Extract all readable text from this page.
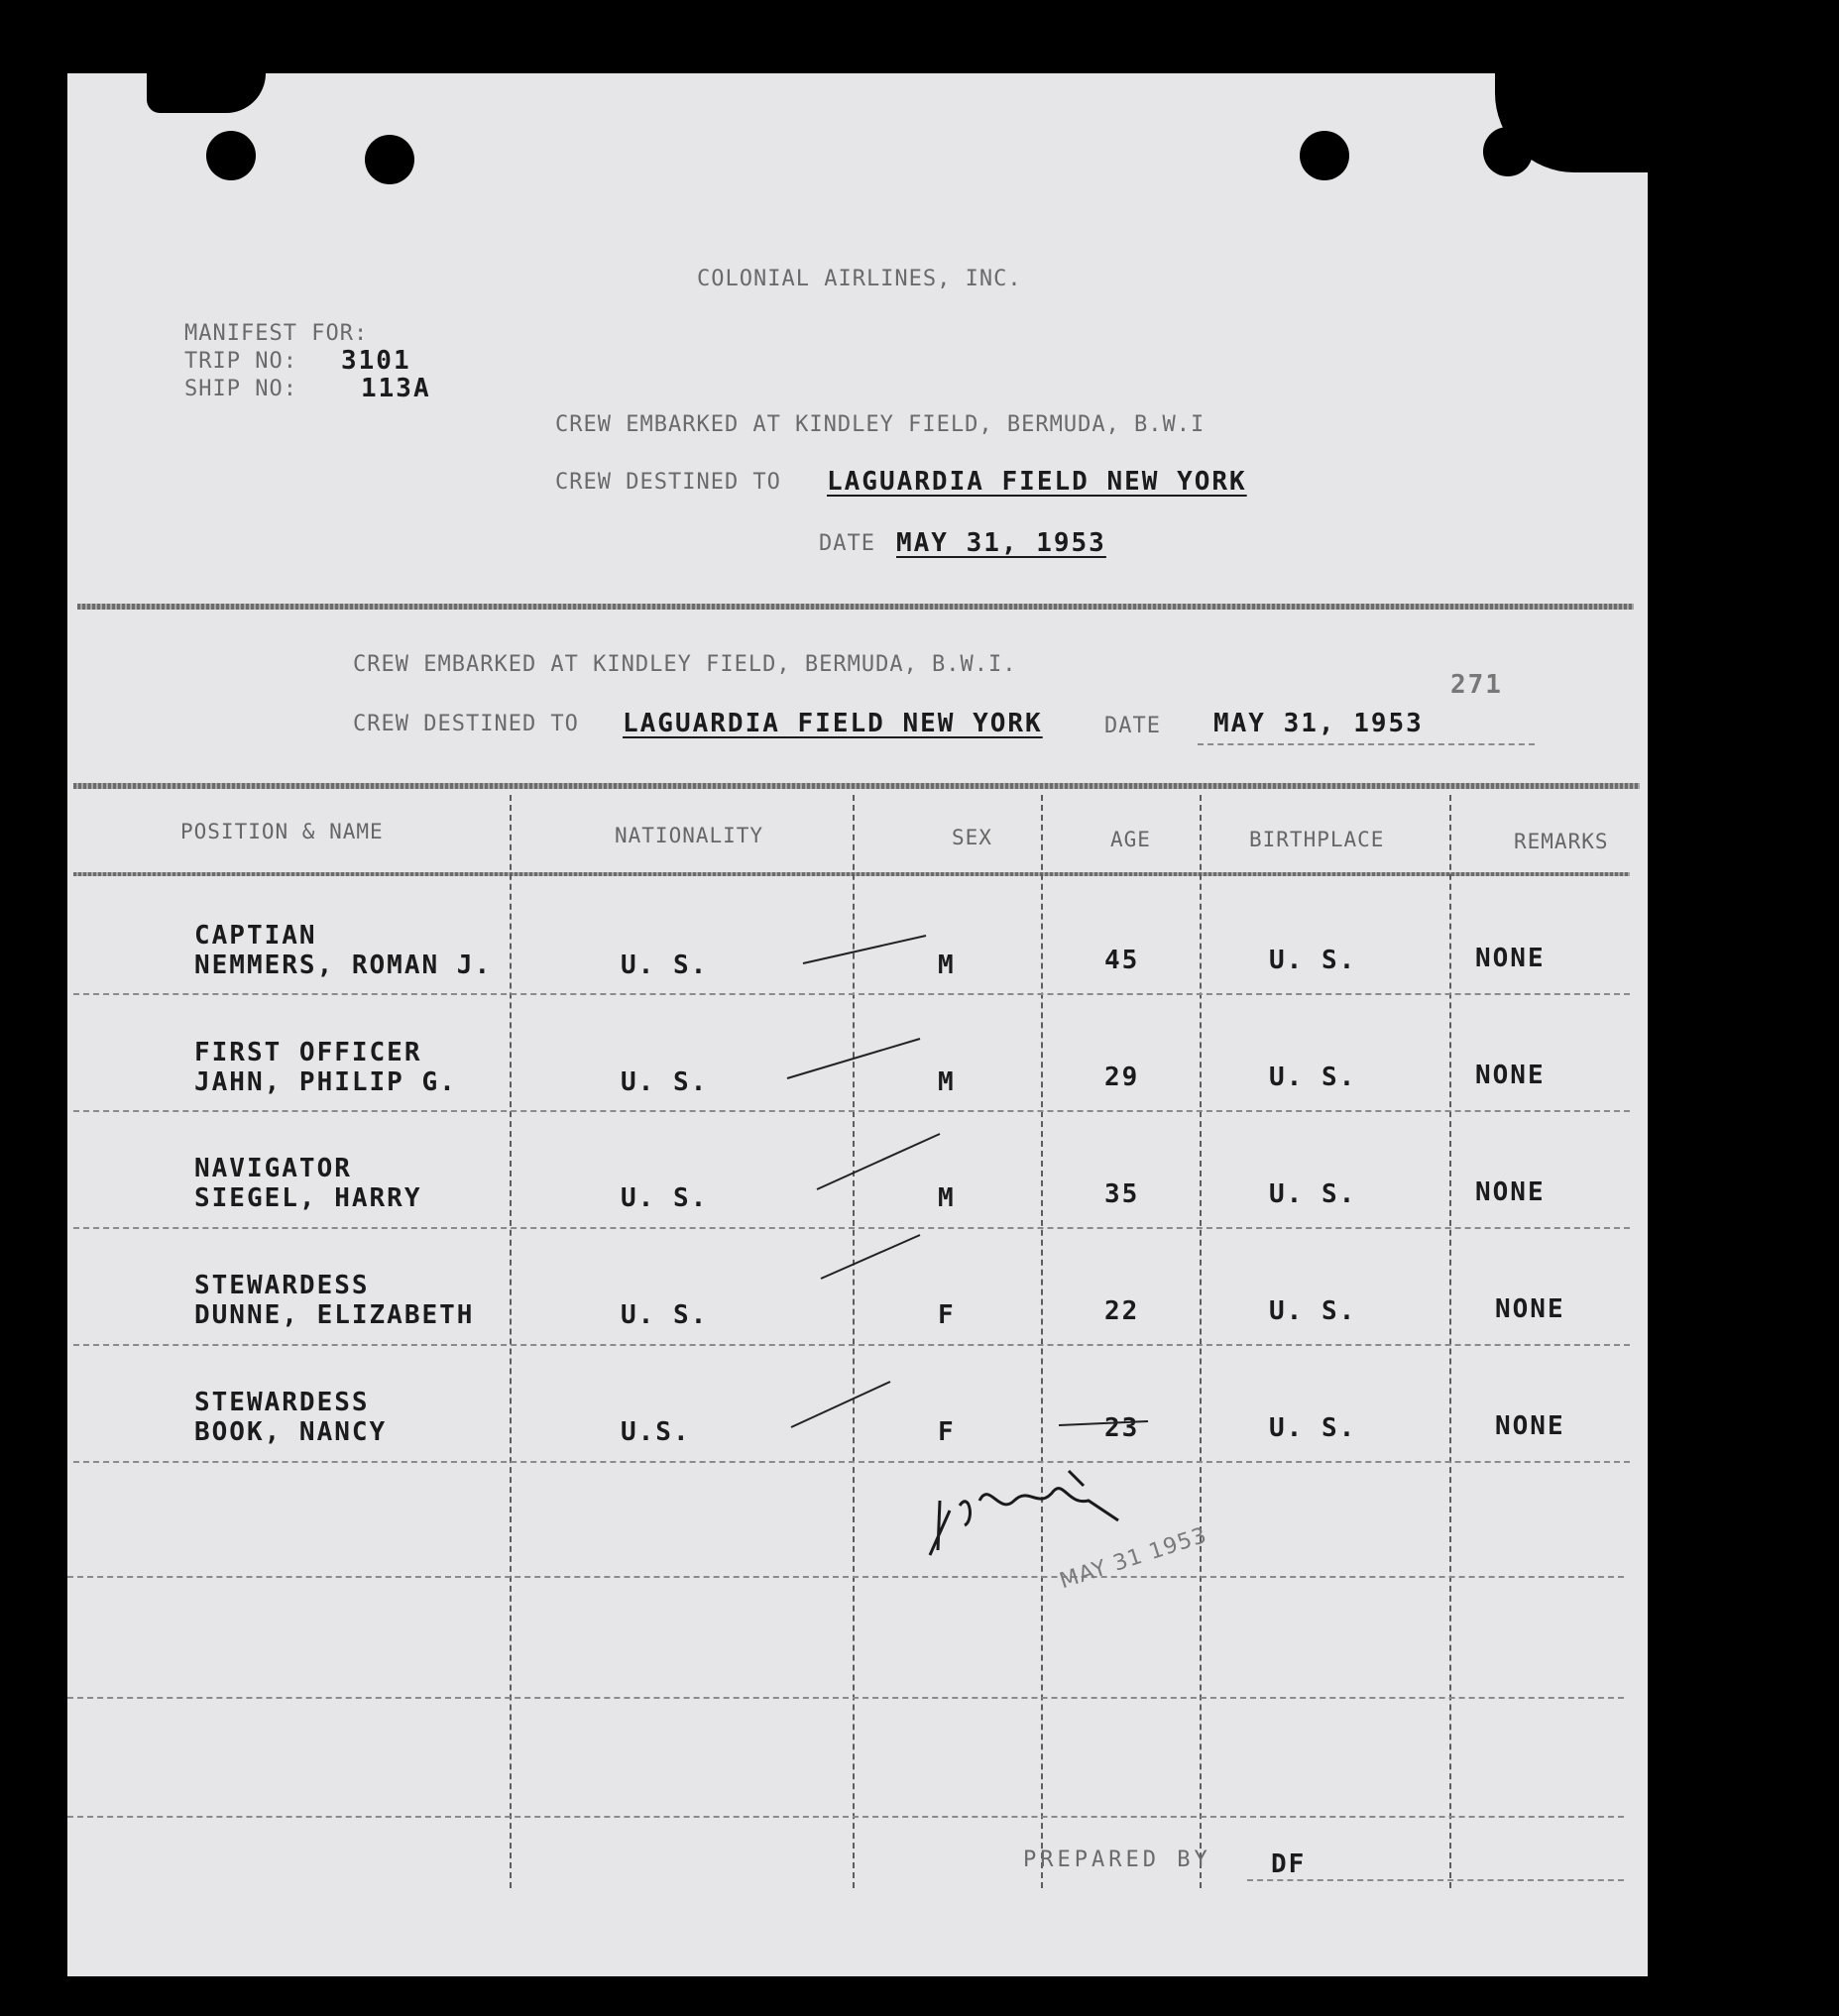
COLONIAL AIRLINES, INC.
MANIFEST FOR:
TRIP NO: 3101
SHIP NO: 113A
CREW EMBARKED AT KINDLEY FIELD, BERMUDA, B.W.I
CREW DESTINED TO LAGUARDIA FIELD NEW YORK
DATE MAY 31, 1953
CREW EMBARKED AT KINDLEY FIELD, BERMUDA, B.W.I.
271
CREW DESTINED TO LAGUARDIA FIELD NEW YORK	DATE MAY 31, 1953
POSITION & NAME	NATIONALITY	SEX	AGE	BIRTHPLACE	REMARKS
CAPTIAN
NEMMERS, ROMAN J.	U. S.	M	45	U. S.	NONE
FIRST OFFICER
JAHN, PHILIP G.	U. S.	M	29	U. S.	NONE
NAVIGATOR
SIEGEL, HARRY	U. S.	M	35	U. S.	NONE
STEWARDESS
DUNNE, ELIZABETH	U. S.	F	22	U. S.	NONE
STEWARDESS
BOOK, NANCY	U.S.	F	23	U. S.	NONE
MAY 31 1953
PREPARED BY DF
